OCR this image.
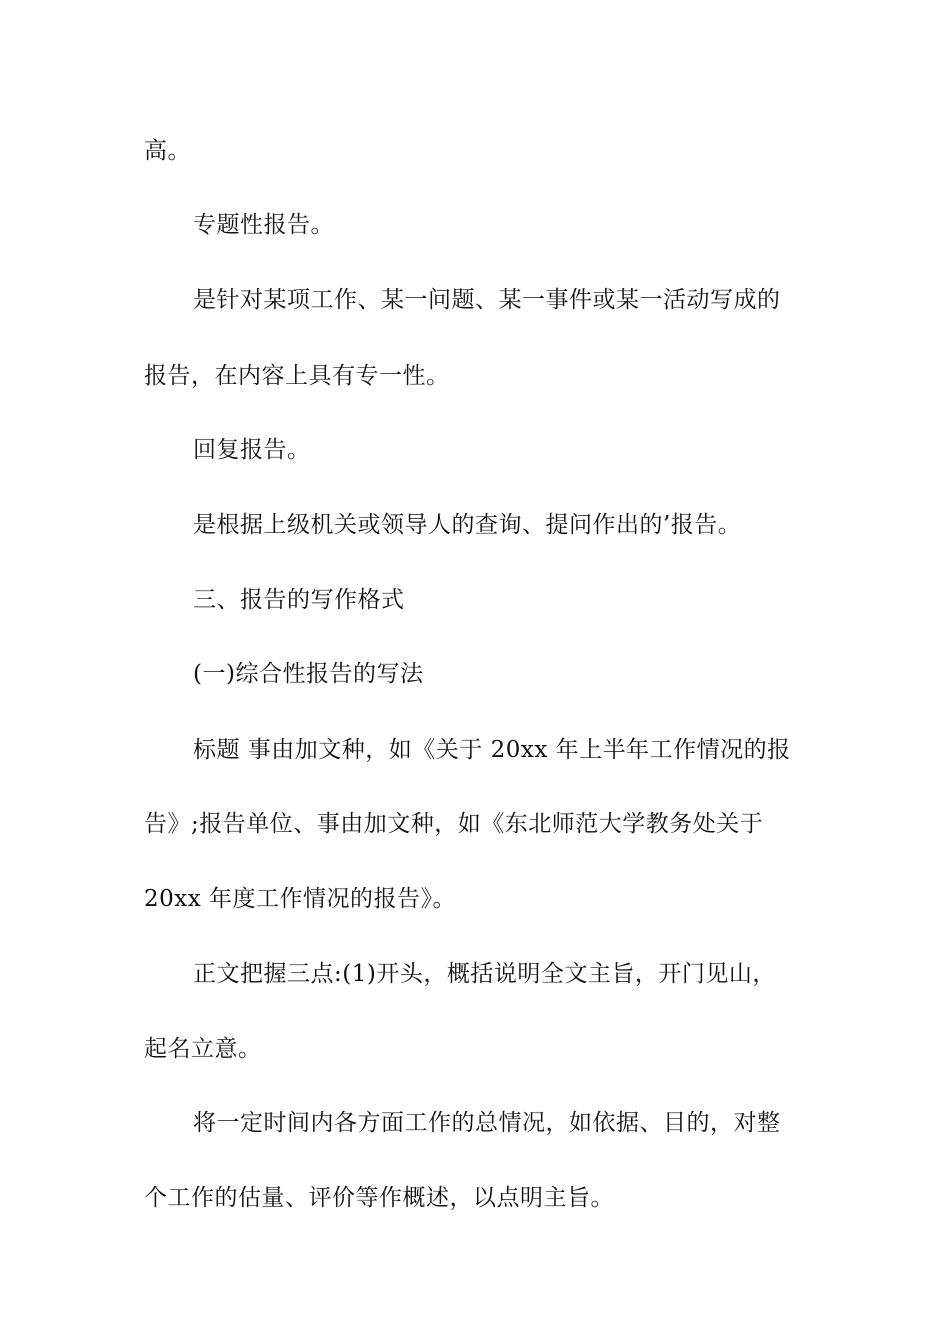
高。
专题性报告。
是针对某项工作、某一问题、某一事件或某一活动写成的
报告，在内容上具有专一性。
回复报告。
是根据上级机关或领导人的查询、提问作出的’报告。
三、报告的写作格式
(一)综合性报告的写法
标题 事由加文种，如《关于 20xx 年上半年工作情况的报
告》;报告单位、事由加文种，如《东北师范大学教务处关于
20xx 年度工作情况的报告》。
正文把握三点:(1)开头，概括说明全文主旨，开门见山，
起名立意。
将一定时间内各方面工作的总情况，如依据、目的，对整
个工作的估量、评价等作概述，以点明主旨。
